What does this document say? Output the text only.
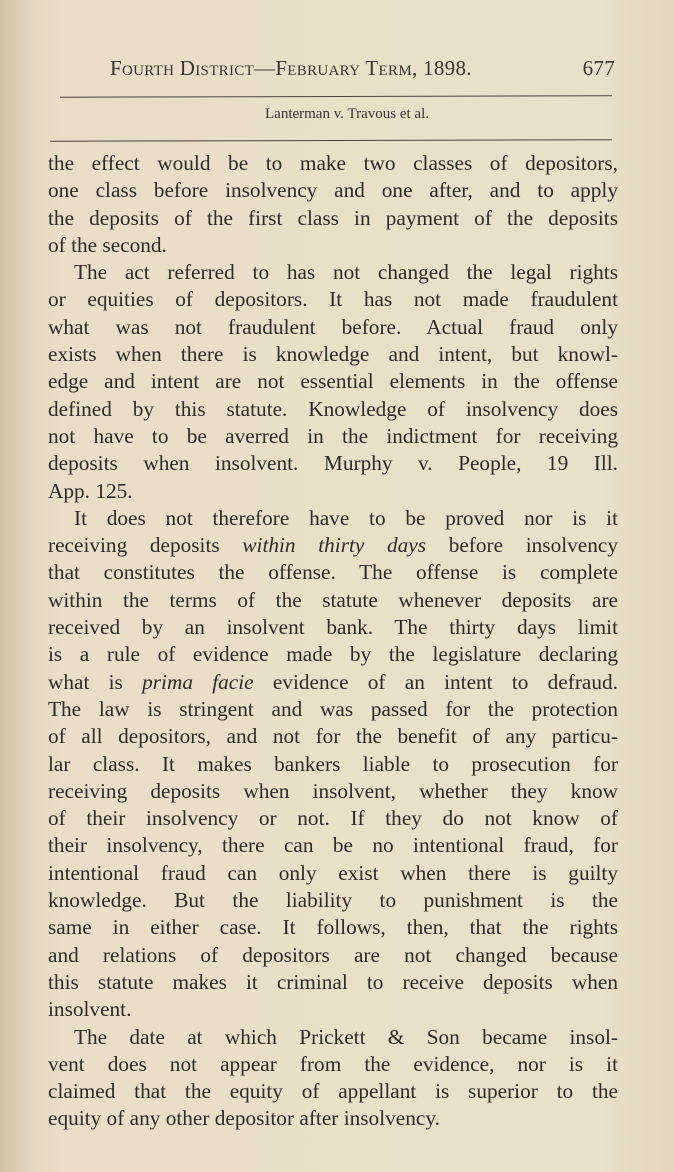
Fourth District—February Term, 1898.	677
Lanterman v. Travous et al.
the effect would be to make two classes of depositors,
one class before insolvency and one after, and to apply
the deposits of the first class in payment of the deposits
of the second.
The act referred to has not changed the legal rights
or equities of depositors. It has not made fraudulent
what was not fraudulent before. Actual fraud only
exists when there is knowledge and intent, but knowl-
edge and intent are not essential elements in the offense
defined by this statute. Knowledge of insolvency does
not have to be averred in the indictment for receiving
deposits when insolvent. Murphy v. People, 19 Ill.
App. 125.
It does not therefore have to be proved nor is it
receiving deposits within thirty days before insolvency
that constitutes the offense. The offense is complete
within the terms of the statute whenever deposits are
received by an insolvent bank. The thirty days limit
is a rule of evidence made by the legislature declaring
what is prima facie evidence of an intent to defraud.
The law is stringent and was passed for the protection
of all depositors, and not for the benefit of any particu-
lar class. It makes bankers liable to prosecution for
receiving deposits when insolvent, whether they know
of their insolvency or not. If they do not know of
their insolvency, there can be no intentional fraud, for
intentional fraud can only exist when there is guilty
knowledge. But the liability to punishment is the
same in either case. It follows, then, that the rights
and relations of depositors are not changed because
this statute makes it criminal to receive deposits when
insolvent.
The date at which Prickett & Son became insol-
vent does not appear from the evidence, nor is it
claimed that the equity of appellant is superior to the
equity of any other depositor after insolvency.
